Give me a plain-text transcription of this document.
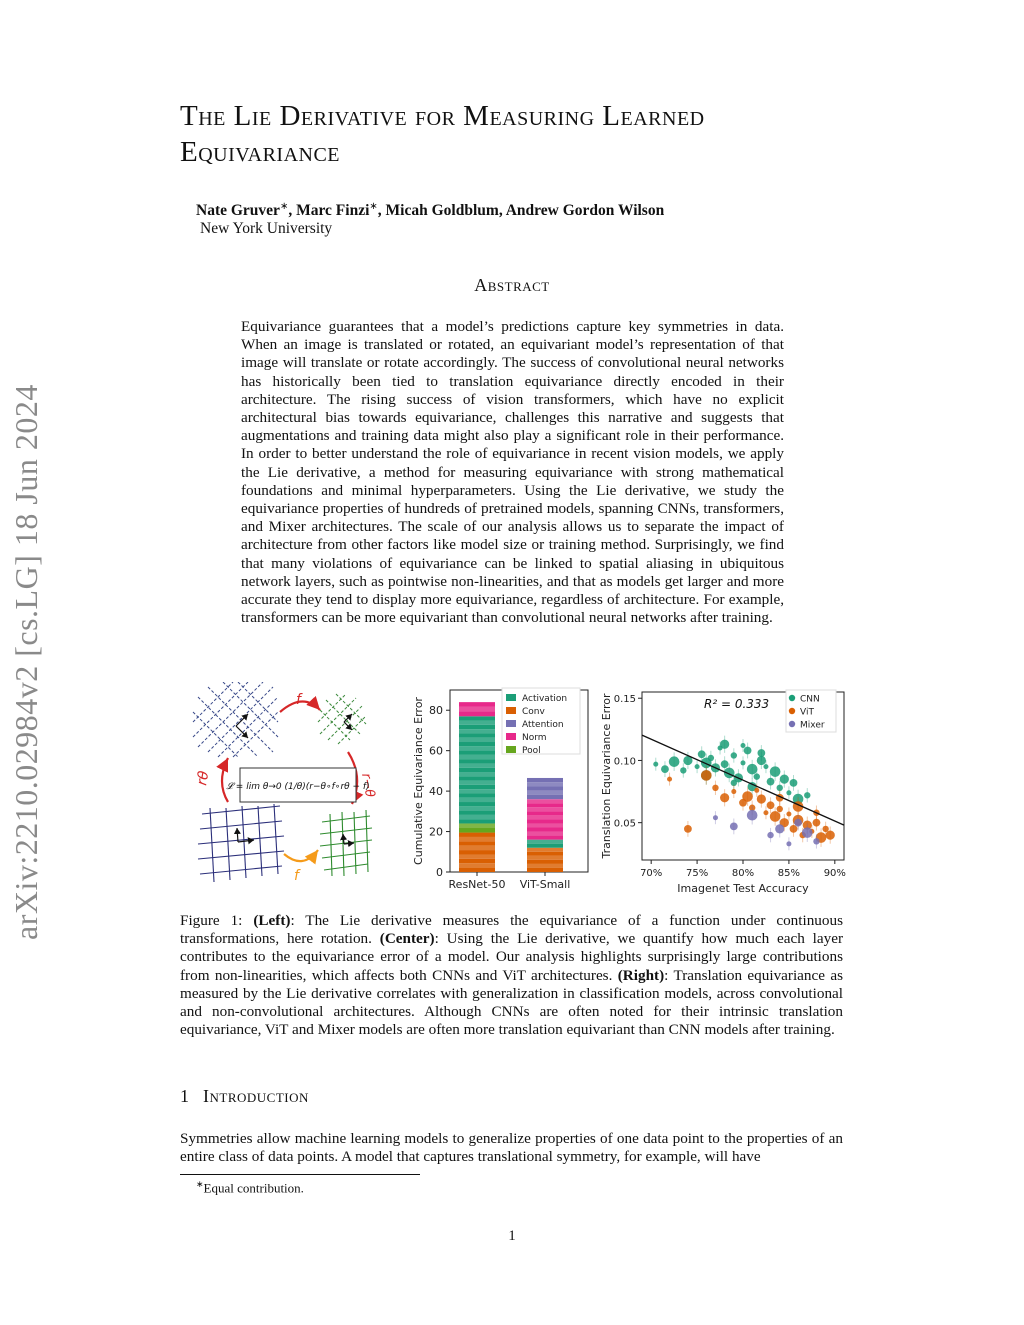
arXiv:2210.02984v2 [cs.LG] 18 Jun 2024
The Lie Derivative for Measuring Learned Equivariance
Nate Gruver∗, Marc Finzi∗, Micah Goldblum, Andrew Gordon Wilson
New York University
Abstract
Equivariance guarantees that a model’s predictions capture key symmetries in data. When an image is translated or rotated, an equivariant model’s representation of that image will translate or rotate accordingly. The success of convolutional neural networks has historically been tied to translation equivariance directly encoded in their architecture. The rising success of vision transformers, which have no explicit architectural bias towards equivariance, challenges this narrative and suggests that augmentations and training data might also play a significant role in their performance. In order to better understand the role of equivariance in recent vision models, we apply the Lie derivative, a method for measuring equivariance with strong mathematical foundations and minimal hyperparameters. Using the Lie derivative, we study the equivariance properties of hundreds of pretrained models, spanning CNNs, transformers, and Mixer architectures. The scale of our analysis allows us to separate the impact of architecture from other factors like model size or training method. Surprisingly, we find that many violations of equivariance can be linked to spatial aliasing in ubiquitous network layers, such as pointwise non-linearities, and that as models get larger and more accurate they tend to display more equivariance, regardless of architecture. For example, transformers can be more equivariant than convolutional neural networks after training.
f
f
rθ	r−θ
𝓛 = lim θ→0 (1/θ)(r−θ∘f∘rθ − f)
0
20
40
60
80
Cumulative Equivariance Error
ResNet-50 ViT-Small
Activation
Conv
Attention
Norm
Pool
70% 75% 80% 85% 90%
0.05
0.10
0.15
Imagenet Test Accuracy
Translation Equivariance Error	R² = 0.333	CNN
ViT
Mixer
Figure 1: (Left): The Lie derivative measures the equivariance of a function under continuous transformations, here rotation. (Center): Using the Lie derivative, we quantify how much each layer contributes to the equivariance error of a model. Our analysis highlights surprisingly large contributions from non-linearities, which affects both CNNs and ViT architectures. (Right): Translation equivariance as measured by the Lie derivative correlates with generalization in classification models, across convolutional and non-convolutional architectures. Although CNNs are often noted for their intrinsic translation equivariance, ViT and Mixer models are often more translation equivariant than CNN models after training.
1 Introduction
Symmetries allow machine learning models to generalize properties of one data point to the properties of an entire class of data points. A model that captures translational symmetry, for example, will have
∗Equal contribution.
1
